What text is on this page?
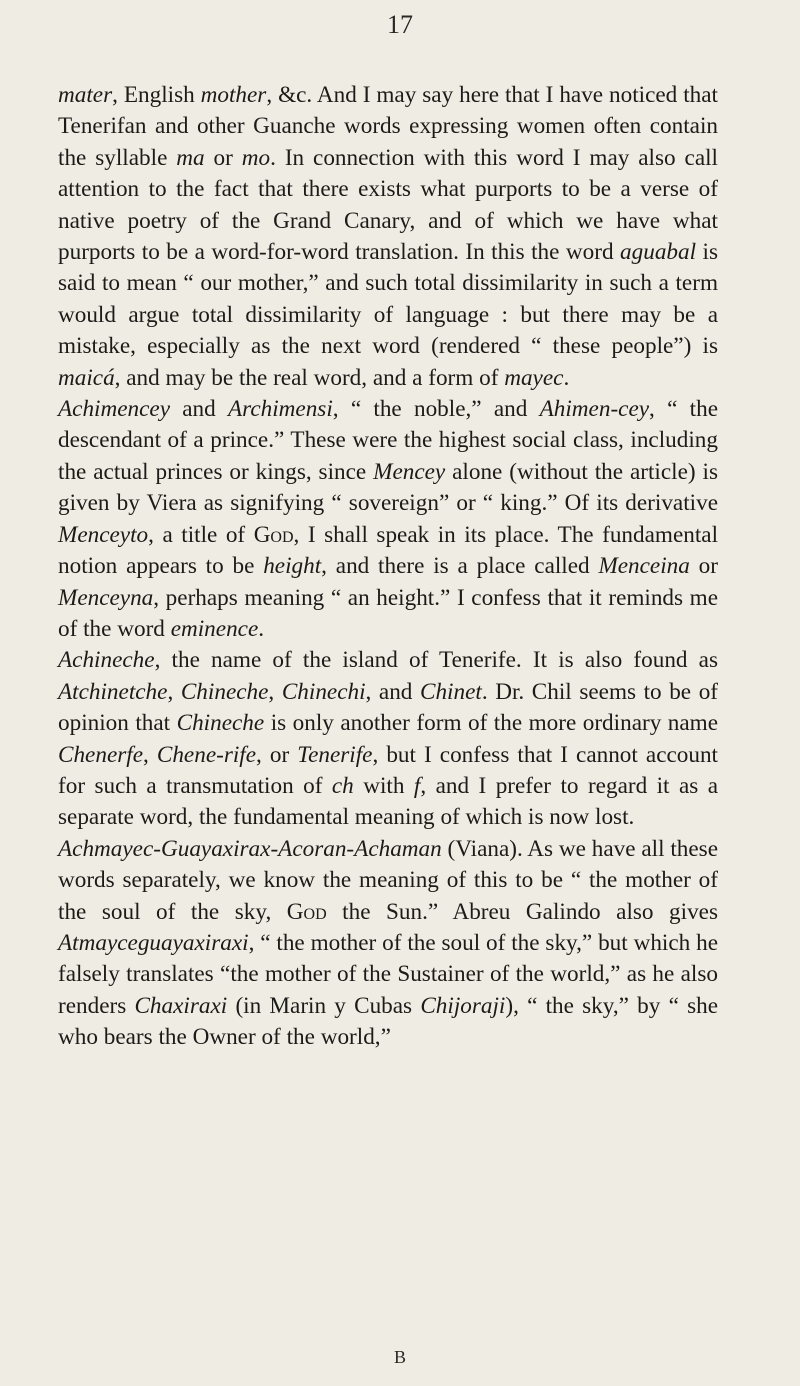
17

mater, English mother, &c. And I may say here that I have noticed that Tenerifan and other Guanche words expressing women often contain the syllable ma or mo. In connection with this word I may also call attention to the fact that there exists what purports to be a verse of native poetry of the Grand Canary, and of which we have what purports to be a word-for-word translation. In this the word aguabal is said to mean “ our mother,” and such total dissimilarity in such a term would argue total dissimilarity of language : but there may be a mistake, especially as the next word (rendered “ these people”) is maicá, and may be the real word, and a form of mayec.

Achimencey and Archimensi, “ the noble,” and Ahimen-cey, “ the descendant of a prince.” These were the highest social class, including the actual princes or kings, since Mencey alone (without the article) is given by Viera as signifying “ sovereign” or “ king.” Of its derivative Menceyto, a title of God, I shall speak in its place. The fundamental notion appears to be height, and there is a place called Menceina or Menceyna, perhaps meaning “ an height.” I confess that it reminds me of the word eminence.

Achineche, the name of the island of Tenerife. It is also found as Atchinetche, Chineche, Chinechi, and Chinet. Dr. Chil seems to be of opinion that Chineche is only another form of the more ordinary name Chenerfe, Chene-rife, or Tenerife, but I confess that I cannot account for such a transmutation of ch with f, and I prefer to regard it as a separate word, the fundamental meaning of which is now lost.

Achmayec-Guayaxirax-Acoran-Achaman (Viana). As we have all these words separately, we know the meaning of this to be “ the mother of the soul of the sky, God the Sun.” Abreu Galindo also gives Atmayceguayaxiraxi, “ the mother of the soul of the sky,” but which he falsely translates “the mother of the Sustainer of the world,” as he also renders Chaxiraxi (in Marin y Cubas Chijoraji), “ the sky,” by “ she who bears the Owner of the world,”

B
